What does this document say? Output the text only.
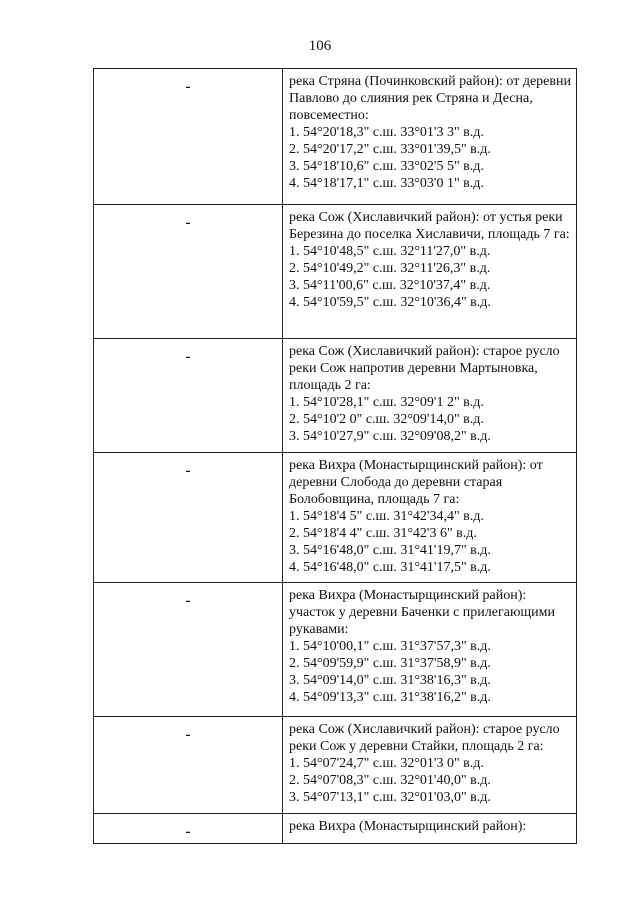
106
-	река Стряна (Починковский район): от деревни Павлово до слияния рек Стряна и Десна, повсеместно:
1. 54°20'18,3" с.ш. 33°01'3 3" в.д.
2. 54°20'17,2" с.ш. 33°01'39,5" в.д.
3. 54°18'10,6" с.ш. 33°02'5 5" в.д.
4. 54°18'17,1" с.ш. 33°03'0 1" в.д.

-	река Сож (Хиславичкий район): от устья реки Березина до поселка Хиславичи, площадь 7 га:
1. 54°10'48,5" с.ш. 32°11'27,0" в.д.
2. 54°10'49,2" с.ш. 32°11'26,3" в.д.
3. 54°11'00,6" с.ш. 32°10'37,4" в.д.
4. 54°10'59,5" с.ш. 32°10'36,4" в.д.

-	река Сож (Хиславичкий район): старое русло реки Сож напротив деревни Мартыновка, площадь 2 га:
1. 54°10'28,1" с.ш. 32°09'1 2" в.д.
2. 54°10'2 0" с.ш. 32°09'14,0" в.д.
3. 54°10'27,9" с.ш. 32°09'08,2" в.д.

-	река Вихра (Монастырщинский район): от деревни Слобода до деревни старая Болобовщина, площадь 7 га:
1. 54°18'4 5" с.ш. 31°42'34,4" в.д.
2. 54°18'4 4" с.ш. 31°42'3 6" в.д.
3. 54°16'48,0" с.ш. 31°41'19,7" в.д.
4. 54°16'48,0" с.ш. 31°41'17,5" в.д.

-	река Вихра (Монастырщинский район): участок у деревни Баченки с прилегающими рукавами:
1. 54°10'00,1" с.ш. 31°37'57,3" в.д.
2. 54°09'59,9" с.ш. 31°37'58,9" в.д.
3. 54°09'14,0" с.ш. 31°38'16,3" в.д.
4. 54°09'13,3" с.ш. 31°38'16,2" в.д.

-	река Сож (Хиславичкий район): старое русло реки Сож у деревни Стайки, площадь 2 га:
1. 54°07'24,7" с.ш. 32°01'3 0" в.д.
2. 54°07'08,3" с.ш. 32°01'40,0" в.д.
3. 54°07'13,1" с.ш. 32°01'03,0" в.д.

-	река Вихра (Монастырщинский район):
